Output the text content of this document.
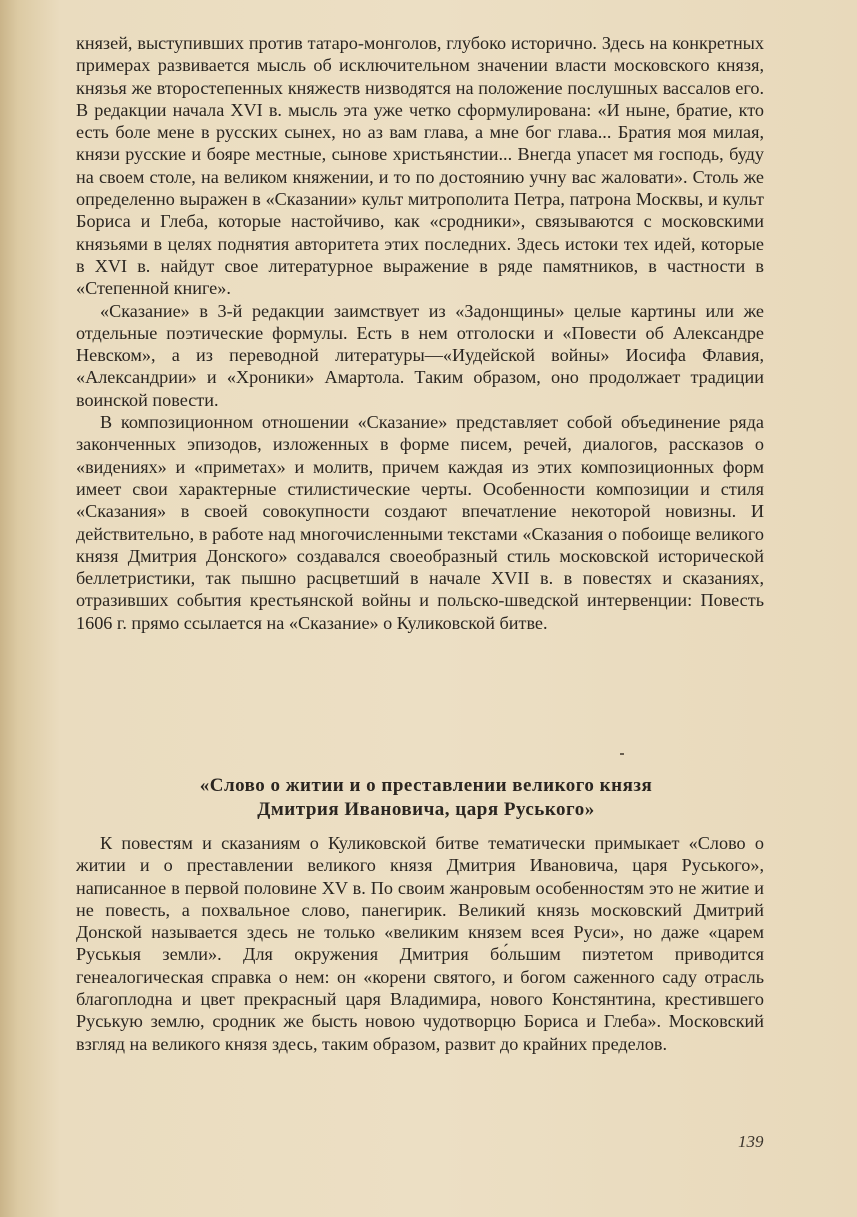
князей, выступивших против татаро-монголов, глубоко исторично. Здесь на конкретных примерах развивается мысль об исключительном значении власти московского князя, князья же второстепенных княжеств низводятся на положение послушных вассалов его. В редакции начала XVI в. мысль эта уже четко сформулирована: «И ныне, братие, кто есть боле мене в русских сынех, но аз вам глава, а мне бог глава... Братия моя милая, князи русские и бояре местные, сынове христьянстии... Внегда упасет мя господь, буду на своем столе, на великом княжении, и то по достоянию учну вас жаловати». Столь же определенно выражен в «Сказании» культ митрополита Петра, патрона Москвы, и культ Бориса и Глеба, которые настойчиво, как «сродники», связываются с московскими князьями в целях поднятия авторитета этих последних. Здесь истоки тех идей, которые в XVI в. найдут свое литературное выражение в ряде памятников, в частности в «Степенной книге».

«Сказание» в 3-й редакции заимствует из «Задонщины» целые картины или же отдельные поэтические формулы. Есть в нем отголоски и «Повести об Александре Невском», а из переводной литературы—«Иудейской войны» Иосифа Флавия, «Александрии» и «Хроники» Амартола. Таким образом, оно продолжает традиции воинской повести.

В композиционном отношении «Сказание» представляет собой объединение ряда законченных эпизодов, изложенных в форме писем, речей, диалогов, рассказов о «видениях» и «приметах» и молитв, причем каждая из этих композиционных форм имеет свои характерные стилистические черты. Особенности композиции и стиля «Сказания» в своей совокупности создают впечатление некоторой новизны. И действительно, в работе над многочисленными текстами «Сказания о побоище великого князя Дмитрия Донского» создавался своеобразный стиль московской исторической беллетристики, так пышно расцветший в начале XVII в. в повестях и сказаниях, отразивших события крестьянской войны и польско-шведской интервенции: Повесть 1606 г. прямо ссылается на «Сказание» о Куликовской битве.

«Слово о житии и о преставлении великого князя

Дмитрия Ивановича, царя Руського»

К повестям и сказаниям о Куликовской битве тематически примыкает «Слово о житии и о преставлении великого князя Дмитрия Ивановича, царя Руського», написанное в первой половине XV в. По своим жанровым особенностям это не житие и не повесть, а похвальное слово, панегирик. Великий князь московский Дмитрий Донской называется здесь не только «великим князем всея Руси», но даже «царем Руськыя земли». Для окружения Дмитрия бо́льшим пиэтетом приводится генеалогическая справка о нем: он «корени святого, и богом саженного саду отрасль благоплодна и цвет прекрасный царя Владимира, нового Констянтина, крестившего Руськую землю, сродник же бысть новою чудотворцю Бориса и Глеба». Московский взгляд на великого князя здесь, таким образом, развит до крайних пределов.

139
